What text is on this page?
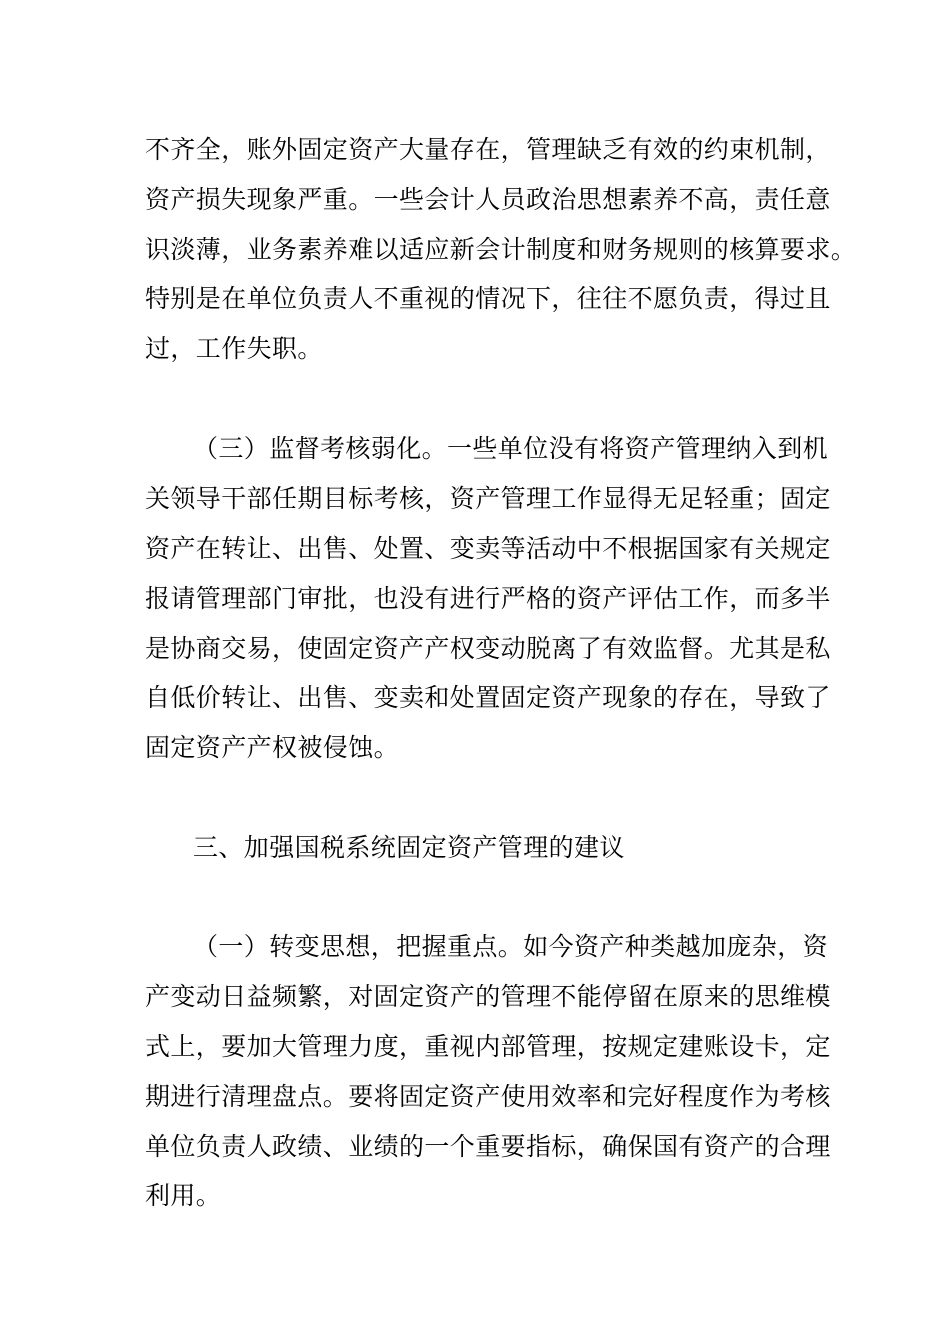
不齐全，账外固定资产大量存在，管理缺乏有效的约束机制，
资产损失现象严重。一些会计人员政治思想素养不高，责任意
识淡薄，业务素养难以适应新会计制度和财务规则的核算要求。
特别是在单位负责人不重视的情况下，往往不愿负责，得过且
过，工作失职。
（三）监督考核弱化。一些单位没有将资产管理纳入到机
关领导干部任期目标考核，资产管理工作显得无足轻重；固定
资产在转让、出售、处置、变卖等活动中不根据国家有关规定
报请管理部门审批，也没有进行严格的资产评估工作，而多半
是协商交易，使固定资产产权变动脱离了有效监督。尤其是私
自低价转让、出售、变卖和处置固定资产现象的存在，导致了
固定资产产权被侵蚀。
三、加强国税系统固定资产管理的建议
（一）转变思想，把握重点。如今资产种类越加庞杂，资
产变动日益频繁，对固定资产的管理不能停留在原来的思维模
式上，要加大管理力度，重视内部管理，按规定建账设卡，定
期进行清理盘点。要将固定资产使用效率和完好程度作为考核
单位负责人政绩、业绩的一个重要指标，确保国有资产的合理
利用。
